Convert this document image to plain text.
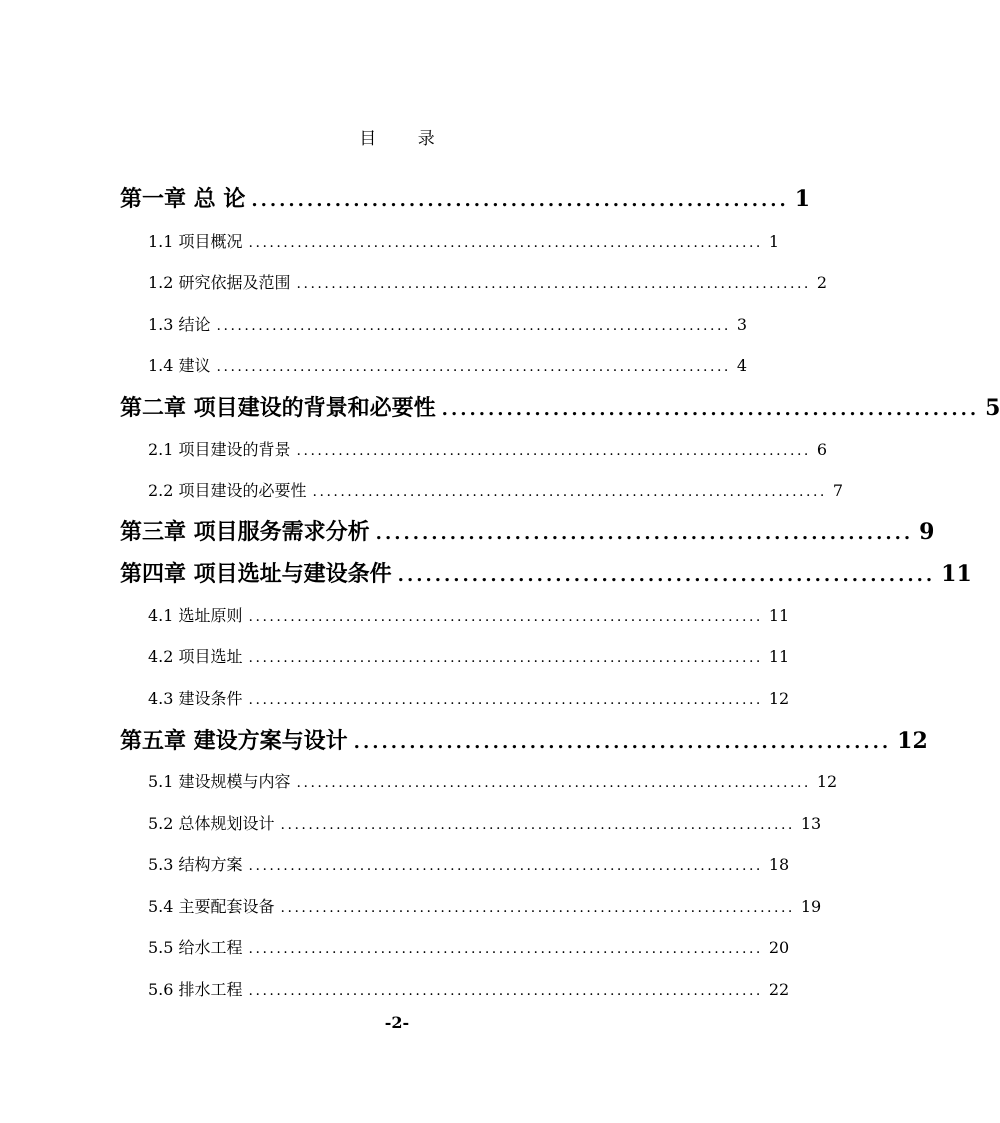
目 录
第一章 总 论 .......................................................... 1
1.1 项目概况 .......................................................................... 1
1.2 研究依据及范围 .......................................................................... 2
1.3 结论 .......................................................................... 3
1.4 建议 .......................................................................... 4
第二章 项目建设的背景和必要性 .......................................................... 5
2.1 项目建设的背景 .......................................................................... 6
2.2 项目建设的必要性 .......................................................................... 7
第三章 项目服务需求分析 .......................................................... 9
第四章 项目选址与建设条件 .......................................................... 11
4.1 选址原则 .......................................................................... 11
4.2 项目选址 .......................................................................... 11
4.3 建设条件 .......................................................................... 12
第五章 建设方案与设计 .......................................................... 12
5.1 建设规模与内容 .......................................................................... 12
5.2 总体规划设计 .......................................................................... 13
5.3 结构方案 .......................................................................... 18
5.4 主要配套设备 .......................................................................... 19
5.5 给水工程 .......................................................................... 20
5.6 排水工程 .......................................................................... 22
-2-
